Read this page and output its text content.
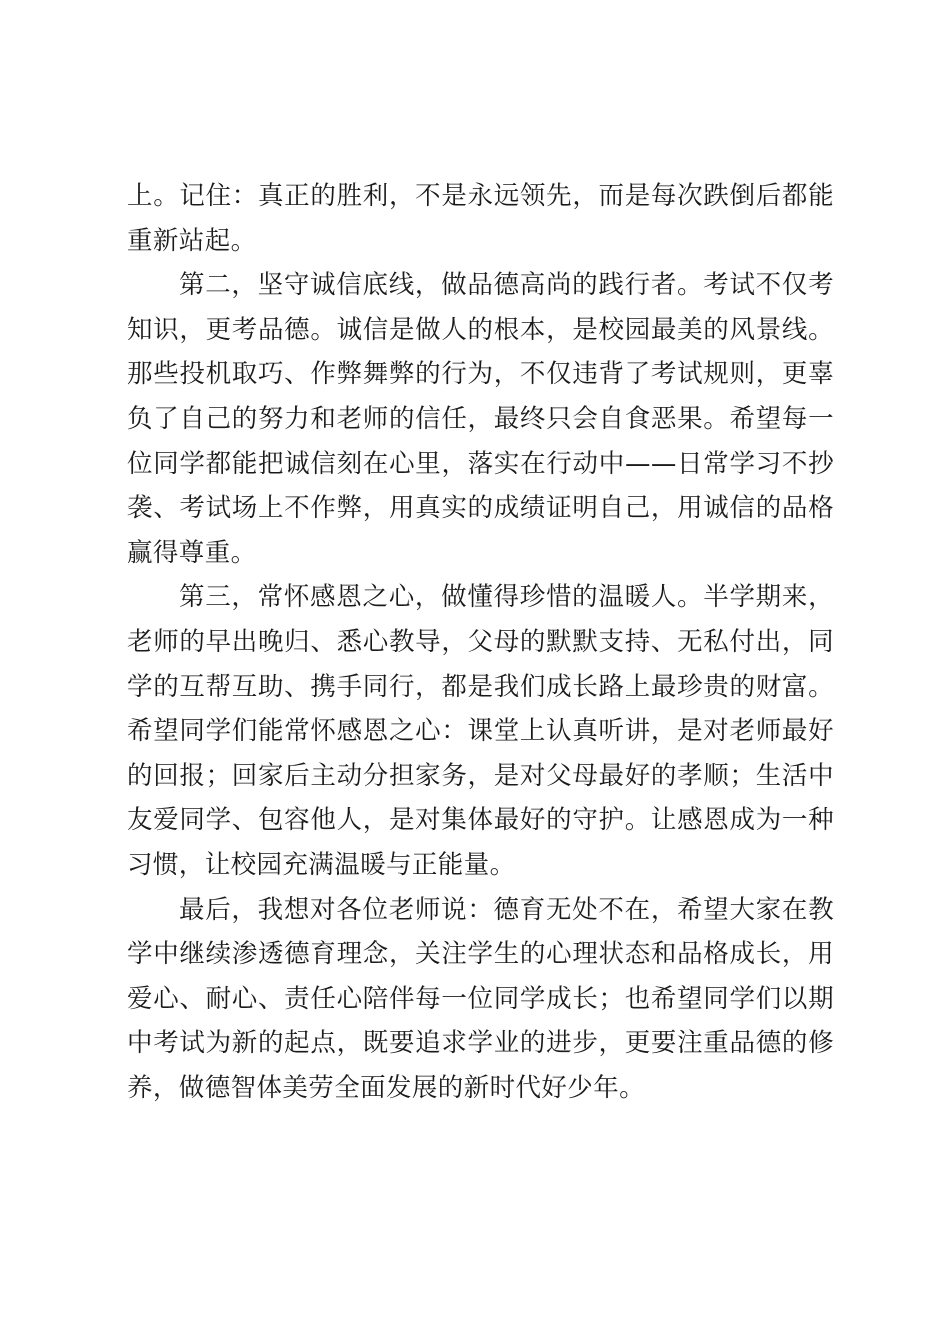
上。记住：真正的胜利，不是永远领先，而是每次跌倒后都能重新站起。

第二，坚守诚信底线，做品德高尚的践行者。考试不仅考知识，更考品德。诚信是做人的根本，是校园最美的风景线。那些投机取巧、作弊舞弊的行为，不仅违背了考试规则，更辜负了自己的努力和老师的信任，最终只会自食恶果。希望每一位同学都能把诚信刻在心里，落实在行动中——日常学习不抄袭、考试场上不作弊，用真实的成绩证明自己，用诚信的品格赢得尊重。

第三，常怀感恩之心，做懂得珍惜的温暖人。半学期来，老师的早出晚归、悉心教导，父母的默默支持、无私付出，同学的互帮互助、携手同行，都是我们成长路上最珍贵的财富。希望同学们能常怀感恩之心：课堂上认真听讲，是对老师最好的回报；回家后主动分担家务，是对父母最好的孝顺；生活中友爱同学、包容他人，是对集体最好的守护。让感恩成为一种习惯，让校园充满温暖与正能量。

最后，我想对各位老师说：德育无处不在，希望大家在教学中继续渗透德育理念，关注学生的心理状态和品格成长，用爱心、耐心、责任心陪伴每一位同学成长；也希望同学们以期中考试为新的起点，既要追求学业的进步，更要注重品德的修养，做德智体美劳全面发展的新时代好少年。
